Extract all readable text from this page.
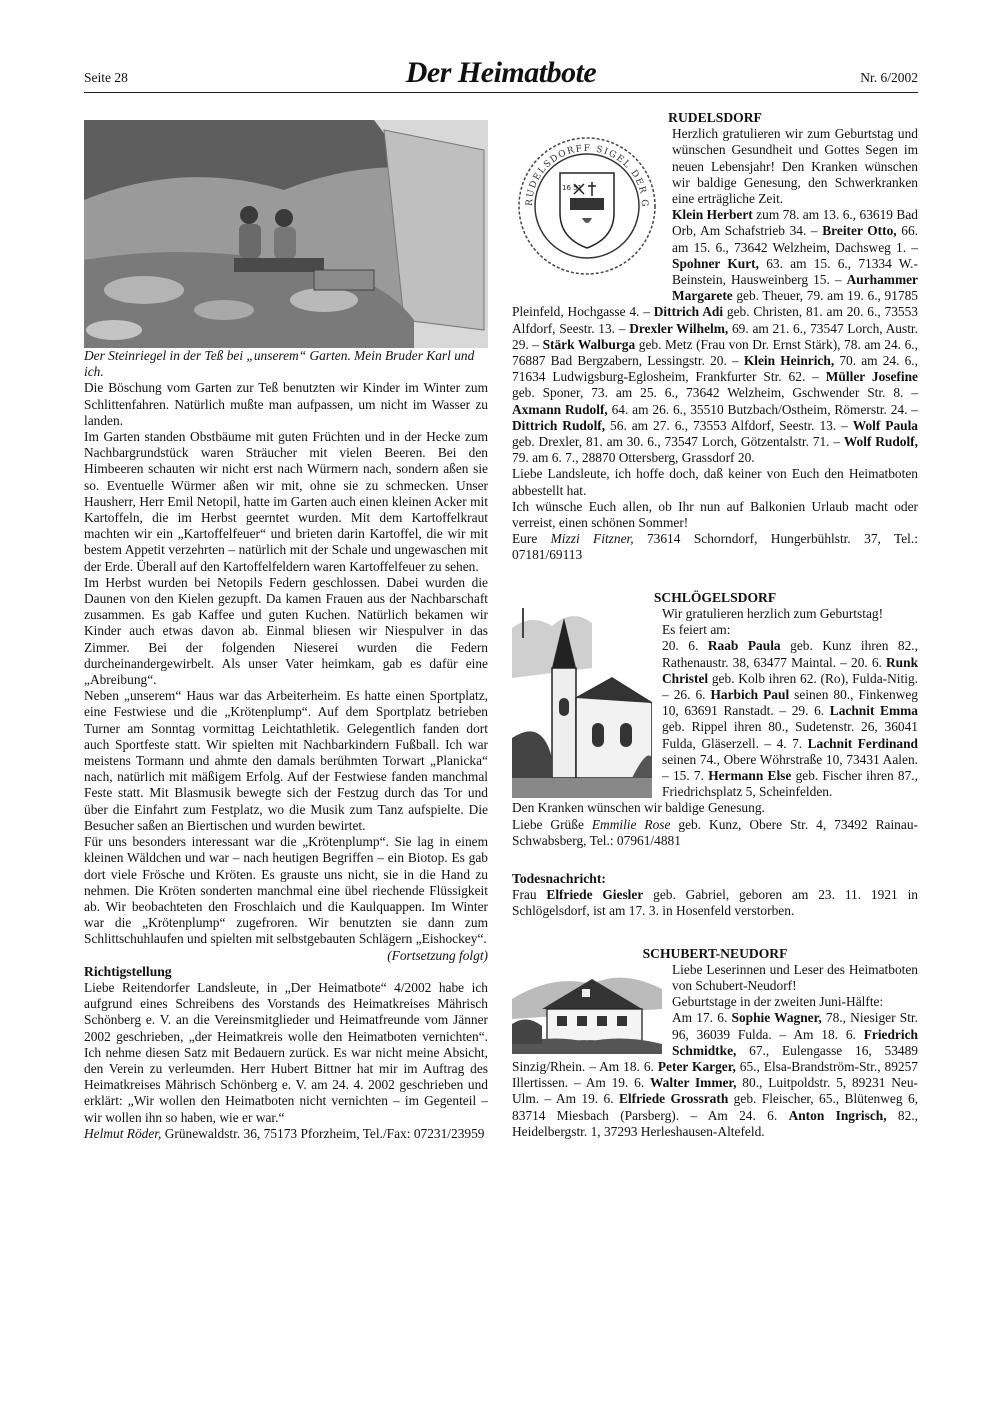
Seite 28	Der Heimatbote	Nr. 6/2002

Der Steinriegel in der Teß bei „unserem“ Garten. Mein Bruder Karl und ich.

Die Böschung vom Garten zur Teß benutzten wir Kinder im Winter zum Schlittenfahren. Natürlich mußte man aufpassen, um nicht im Wasser zu landen.

Im Garten standen Obstbäume mit guten Früchten und in der Hecke zum Nachbargrundstück waren Sträucher mit vielen Beeren. Bei den Himbeeren schauten wir nicht erst nach Würmern nach, sondern aßen sie so. Eventuelle Würmer aßen wir mit, ohne sie zu schmecken. Unser Hausherr, Herr Emil Netopil, hatte im Garten auch einen kleinen Acker mit Kartoffeln, die im Herbst geerntet wurden. Mit dem Kartoffelkraut machten wir ein „Kartoffelfeuer“ und brieten darin Kartoffel, die wir mit bestem Appetit verzehrten – natürlich mit der Schale und ungewaschen mit der Erde. Überall auf den Kartoffelfeldern waren Kartoffelfeuer zu sehen.

Im Herbst wurden bei Netopils Federn geschlossen. Dabei wurden die Daunen von den Kielen gezupft. Da kamen Frauen aus der Nachbarschaft zusammen. Es gab Kaffee und guten Kuchen. Natürlich bekamen wir Kinder auch etwas davon ab. Einmal bliesen wir Niespulver in das Zimmer. Bei der folgenden Nieserei wurden die Federn durcheinandergewirbelt. Als unser Vater heimkam, gab es dafür eine „Abreibung“.

Neben „unserem“ Haus war das Arbeiterheim. Es hatte einen Sportplatz, eine Festwiese und die „Krötenplump“. Auf dem Sportplatz betrieben Turner am Sonntag vormittag Leichtathletik. Gelegentlich fanden dort auch Sportfeste statt. Wir spielten mit Nachbarkindern Fußball. Ich war meistens Tormann und ahmte den damals berühmten Torwart „Planicka“ nach, natürlich mit mäßigem Erfolg. Auf der Festwiese fanden manchmal Feste statt. Mit Blasmusik bewegte sich der Festzug durch das Tor und über die Einfahrt zum Festplatz, wo die Musik zum Tanz aufspielte. Die Besucher saßen an Biertischen und wurden bewirtet.

Für uns besonders interessant war die „Krötenplump“. Sie lag in einem kleinen Wäldchen und war – nach heutigen Begriffen – ein Biotop. Es gab dort viele Frösche und Kröten. Es grauste uns nicht, sie in die Hand zu nehmen. Die Kröten sonderten manchmal eine übel riechende Flüssigkeit ab. Wir beobachteten den Froschlaich und die Kaulquappen. Im Winter war die „Krötenplump“ zugefroren. Wir benutzten sie dann zum Schlittschuhlaufen und spielten mit selbstgebauten Schlägern „Eishockey“.

(Fortsetzung folgt)

Richtigstellung

Liebe Reitendorfer Landsleute, in „Der Heimatbote“ 4/2002 habe ich aufgrund eines Schreibens des Vorstands des Heimatkreises Mährisch Schönberg e. V. an die Vereinsmitglieder und Heimatfreunde vom Jänner 2002 geschrieben, „der Heimatkreis wolle den Heimatboten vernichten“. Ich nehme diesen Satz mit Bedauern zurück. Es war nicht meine Absicht, den Verein zu verleumden. Herr Hubert Bittner hat mir im Auftrag des Heimatkreises Mährisch Schönberg e. V. am 24. 4. 2002 geschrieben und erklärt: „Wir wollen den Heimatboten nicht vernichten – im Gegenteil – wir wollen ihn so haben, wie er war.“

Helmut Röder, Grünewaldstr. 36, 75173 Pforzheim, Tel./Fax: 07231/23959

RUDELSDORF
16 51
RUDELSDORFF SIGEL DER G

Herzlich gratulieren wir zum Geburtstag und wünschen Gesundheit und Gottes Segen im neuen Lebensjahr! Den Kranken wünschen wir baldige Genesung, den Schwerkranken eine erträgliche Zeit.

Klein Herbert zum 78. am 13. 6., 63619 Bad Orb, Am Schafstrieb 34. – Breiter Otto, 66. am 15. 6., 73642 Welzheim, Dachsweg 1. – Spohner Kurt, 63. am 15. 6., 71334 W.-Beinstein, Hausweinberg 15. – Aurhammer Margarete geb. Theuer, 79. am 19. 6., 91785 Pleinfeld, Hochgasse 4. – Dittrich Adi geb. Christen, 81. am 20. 6., 73553 Alfdorf, Seestr. 13. – Drexler Wilhelm, 69. am 21. 6., 73547 Lorch, Austr. 29. – Stärk Walburga geb. Metz (Frau von Dr. Ernst Stärk), 78. am 24. 6., 76887 Bad Bergzabern, Lessingstr. 20. – Klein Heinrich, 70. am 24. 6., 71634 Ludwigsburg-Eglosheim, Frankfurter Str. 62. – Müller Josefine geb. Sponer, 73. am 25. 6., 73642 Welzheim, Gschwender Str. 8. – Axmann Rudolf, 64. am 26. 6., 35510 Butzbach/Ostheim, Römerstr. 24. – Dittrich Rudolf, 56. am 27. 6., 73553 Alfdorf, Seestr. 13. – Wolf Paula geb. Drexler, 81. am 30. 6., 73547 Lorch, Götzentalstr. 71. – Wolf Rudolf, 79. am 6. 7., 28870 Ottersberg, Grassdorf 20.

Liebe Landsleute, ich hoffe doch, daß keiner von Euch den Heimatboten abbestellt hat.

Ich wünsche Euch allen, ob Ihr nun auf Balkonien Urlaub macht oder verreist, einen schönen Sommer!

Eure Mizzi Fitzner, 73614 Schorndorf, Hungerbühlstr. 37, Tel.: 07181/69113

SCHLÖGELSDORF

Wir gratulieren herzlich zum Geburtstag!

Es feiert am:

20. 6. Raab Paula geb. Kunz ihren 82., Rathenaustr. 38, 63477 Maintal. – 20. 6. Runk Christel geb. Kolb ihren 62. (Ro), Fulda-Nitig. – 26. 6. Harbich Paul seinen 80., Finkenweg 10, 63691 Ranstadt. – 29. 6. Lachnit Emma geb. Rippel ihren 80., Sudetenstr. 26, 36041 Fulda, Gläserzell. – 4. 7. Lachnit Ferdinand seinen 74., Obere Wöhrstraße 10, 73431 Aalen. – 15. 7. Hermann Else geb. Fischer ihren 87., Friedrichsplatz 5, Scheinfelden.

Den Kranken wünschen wir baldige Genesung.

Liebe Grüße Emmilie Rose geb. Kunz, Obere Str. 4, 73492 Rainau-Schwabsberg, Tel.: 07961/4881

Todesnachricht:

Frau Elfriede Giesler geb. Gabriel, geboren am 23. 11. 1921 in Schlögelsdorf, ist am 17. 3. in Hosenfeld verstorben.

SCHUBERT-NEUDORF

Liebe Leserinnen und Leser des Heimatboten von Schubert-Neudorf!

Geburtstage in der zweiten Juni-Hälfte:

Am 17. 6. Sophie Wagner, 78., Niesiger Str. 96, 36039 Fulda. – Am 18. 6. Friedrich Schmidtke, 67., Eulengasse 16, 53489 Sinzig/Rhein. – Am 18. 6. Peter Karger, 65., Elsa-Brandström-Str., 89257 Illertissen. – Am 19. 6. Walter Immer, 80., Luitpoldstr. 5, 89231 Neu-Ulm. – Am 19. 6. Elfriede Grossrath geb. Fleischer, 65., Blütenweg 6, 83714 Miesbach (Parsberg). – Am 24. 6. Anton Ingrisch, 82., Heidelbergstr. 1, 37293 Herleshausen-Altefeld.
